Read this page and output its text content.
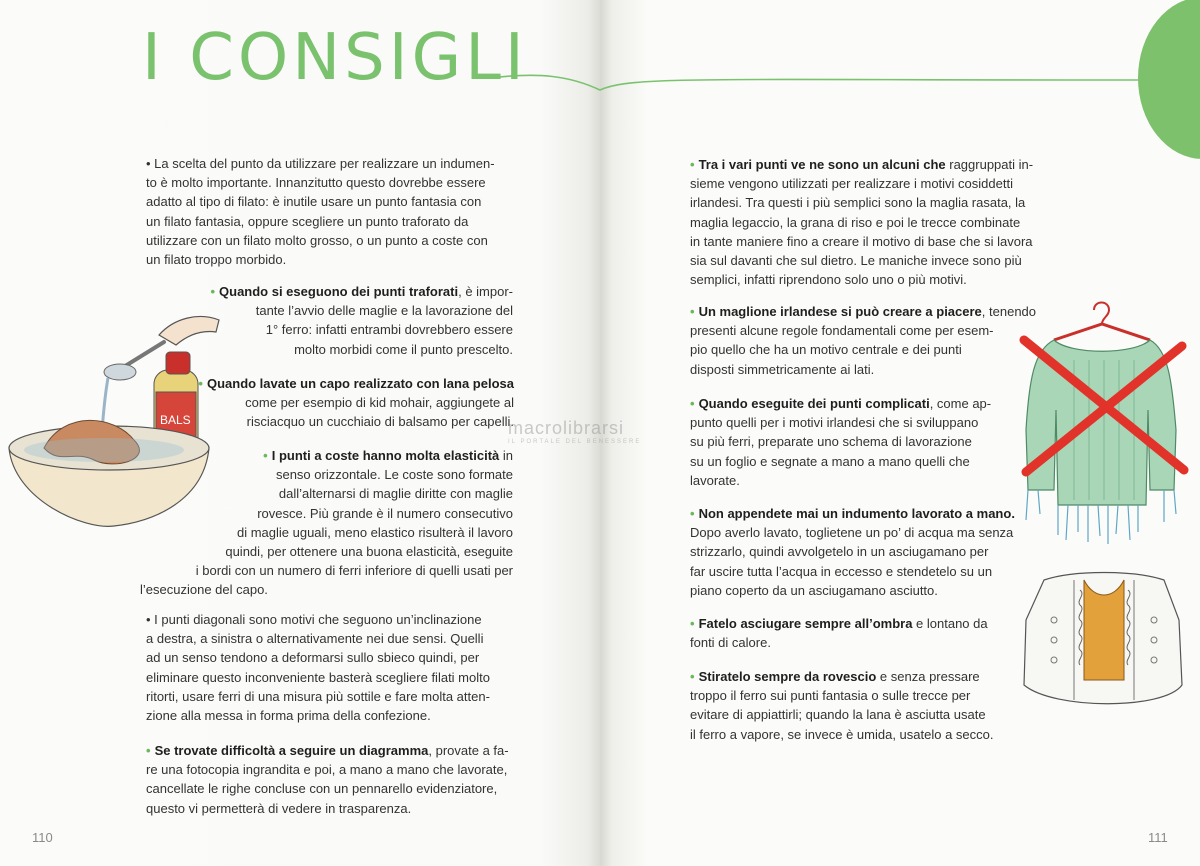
I CONSIGLI
• La scelta del punto da utilizzare per realizzare un indumen-
to è molto importante. Innanzitutto questo dovrebbe essere
adatto al tipo di filato: è inutile usare un punto fantasia con
un filato fantasia, oppure scegliere un punto traforato da
utilizzare con un filato molto grosso, o un punto a coste con
un filato troppo morbido.
• Quando si eseguono dei punti traforati, è impor-
tante l’avvio delle maglie e la lavorazione del
1° ferro: infatti entrambi dovrebbero essere
molto morbidi come il punto prescelto.
• Quando lavate un capo realizzato con lana pelosa
come per esempio di kid mohair, aggiungete al
risciacquo un cucchiaio di balsamo per capelli.
• I punti a coste hanno molta elasticità in
senso orizzontale. Le coste sono formate
dall’alternarsi di maglie diritte con maglie
rovesce. Più grande è il numero consecutivo
di maglie uguali, meno elastico risulterà il lavoro
quindi, per ottenere una buona elasticità, eseguite
i bordi con un numero di ferri inferiore di quelli usati per
l’esecuzione del capo.
• I punti diagonali sono motivi che seguono un’inclinazione
a destra, a sinistra o alternativamente nei due sensi. Quelli
ad un senso tendono a deformarsi sullo sbieco quindi, per
eliminare questo inconveniente basterà scegliere filati molto
ritorti, usare ferri di una misura più sottile e fare molta atten-
zione alla messa in forma prima della confezione.
• Se trovate difficoltà a seguire un diagramma, provate a fa-
re una fotocopia ingrandita e poi, a mano a mano che lavorate,
cancellate le righe concluse con un pennarello evidenziatore,
questo vi permetterà di vedere in trasparenza.
BALS
110
• Tra i vari punti ve ne sono un alcuni che raggruppati in-
sieme vengono utilizzati per realizzare i motivi cosiddetti
irlandesi. Tra questi i più semplici sono la maglia rasata, la
maglia legaccio, la grana di riso e poi le trecce combinate
in tante maniere fino a creare il motivo di base che si lavora
sia sul davanti che sul dietro. Le maniche invece sono più
semplici, infatti riprendono solo uno o più motivi.
• Un maglione irlandese si può creare a piacere, tenendo
presenti alcune regole fondamentali come per esem-
pio quello che ha un motivo centrale e dei punti
disposti simmetricamente ai lati.
• Quando eseguite dei punti complicati, come ap-
punto quelli per i motivi irlandesi che si sviluppano
su più ferri, preparate uno schema di lavorazione
su un foglio e segnate a mano a mano quelli che
lavorate.
• Non appendete mai un indumento lavorato a mano.
Dopo averlo lavato, toglietene un po’ di acqua ma senza
strizzarlo, quindi avvolgetelo in un asciugamano per
far uscire tutta l’acqua in eccesso e stendetelo su un
piano coperto da un asciugamano asciutto.
• Fatelo asciugare sempre all’ombra e lontano da
fonti di calore.
• Stiratelo sempre da rovescio e senza pressare
troppo il ferro sui punti fantasia o sulle trecce per
evitare di appiattirli; quando la lana è asciutta usate
il ferro a vapore, se invece è umida, usatelo a secco.
111
macrolibrarsi
IL PORTALE DEL BENESSERE
